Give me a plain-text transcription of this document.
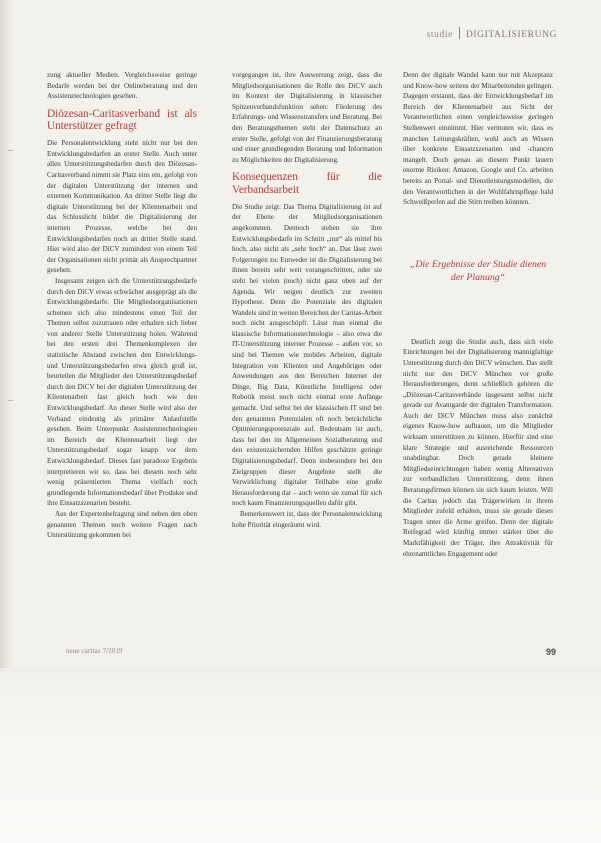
studie DIGITALISIERUNG

zung aktueller Medien. Vergleichsweise geringe Bedarfe werden bei der Onlineberatung und den Assistenztechnologien gesehen.

Diözesan-Caritasverband ist als Unterstützer gefragt

Die Personalentwicklung steht nicht nur bei den Entwicklungsbedarfen an erster Stelle. Auch unter allen Unterstützungsbedarfen durch den Diözesan-Caritasverband nimmt sie Platz eins ein, gefolgt von der digitalen Unterstützung der internen und externen Kommunikation. An dritter Stelle liegt die digitale Unterstützung bei der Klientenarbeit und das Schlusslicht bildet die Digitalisierung der internen Prozesse, welche bei den Entwicklungsbedarfen noch an dritter Stelle stand. Hier wird also der DiCV zumindest von einem Teil der Organisationen nicht primär als Ansprechpartner gesehen.

Insgesamt zeigen sich die Unterstützungsbedarfe durch den DiCV etwas schwächer ausgeprägt als die Entwicklungsbedarfe. Die Mitgliedsorganisationen scheinen sich also mindestens einen Teil der Themen selbst zuzutrauen oder erhalten sich lieber von anderer Stelle Unterstützung holen. Während bei den ersten drei Themenkomplexen der statistische Abstand zwischen den Entwicklungs- und Unterstützungsbedarfen etwa gleich groß ist, beurteilen die Mitglieder den Unterstützungsbedarf durch den DiCV bei der digitalen Unterstützung der Klientenarbeit fast gleich hoch wie den Entwicklungsbedarf. An dieser Stelle wird also der Verband eindeutig als primärer Anlaufstelle gesehen. Beim Unterpunkt Assistenztechnologien im Bereich der Klientenarbeit liegt der Unterstützungsbedarf sogar knapp vor dem Entwicklungsbedarf. Dieses fast paradoxe Ergebnis interpretieren wir so, dass bei diesem noch sehr wenig präsentierten Thema vielfach noch grundlegende Informationsbedarf über Produkte und ihre Einsatzszenarien besteht.

Aus der Expertenbefragung sind neben den oben genannten Themen noch weitere Fragen nach Unterstützung gekommen bei

vorgegangen ist, ihre Auswertung zeigt, dass die Mitgliedsorganisationen die Rolle des DiCV auch im Kontext der Digitalisierung in klassischer Spitzenverbandsfunktion sehen: Förderung des Erfahrungs- und Wissenstransfers und Beratung. Bei den Beratungsthemen steht der Datenschutz an erster Stelle, gefolgt von der Finanzierungsberatung und einer grundlegenden Beratung und Information zu Möglichkeiten der Digitalisierung.

Konsequenzen für die Verbandsarbeit

Die Studie zeigt: Das Thema Digitalisierung ist auf der Ebene der Mitgliedsorganisationen angekommen. Dennoch stehen sie ihre Entwicklungsbedarfe im Schnitt „nur“ als mittel bis hoch, also nicht als „sehr hoch“ an. Das lässt zwei Folgerungen zu: Entweder ist die Digitalisierung bei ihnen bereits sehr weit vorangeschritten, oder sie steht bei vielen (noch) nicht ganz oben auf der Agenda. Wir neigen deutlich zur zweiten Hypothese. Denn die Potenziale des digitalen Wandels sind in weiten Bereichen der Caritas-Arbeit noch nicht ausgeschöpft. Lässt man einmal die klassische Informationstechnologie – also etwa die IT-Unterstützung interner Prozesse – außen vor, so sind bei Themen wie mobiles Arbeiten, digitale Integration von Klienten und Angehörigen oder Anwendungen aus den Bereichen Internet der Dinge, Big Data, Künstliche Intelligenz oder Robotik meist noch nicht einmal erste Anfänge gemacht. Und selbst bei der klassischen IT sind bei den genannten Potenzialen oft noch beträchtliche Optimierungspotenziale auf. Bedeutsam ist auch, dass bei den im Allgemeinen Sozialberatung und den existenzsichernden Hilfen geschätzte geringe Digitalisierungsbedarf. Denn insbesondere bei den Zielgruppen dieser Angebote stellt die Verwirklichung digitaler Teilhabe eine große Herausforderung dar – auch wenn sie zumal für sich noch kaum Finanzierungsquellen dafür gibt.

Bemerkenswert ist, dass der Personalentwicklung hohe Priorität eingeräumt wird.

Denn der digitale Wandel kann nur mit Akzeptanz und Know-how seitens der Mitarbeitenden gelingen. Dagegen erstaunt, dass der Entwicklungsbedarf im Bereich der Klientenarbeit aus Sicht der Verantwortlichen einen vergleichsweise geringen Stellenwert einnimmt. Hier vermuten wir, dass es manchen Leitungskräften, wohl auch an Wissen über konkrete Einsatzszenarien und -chancen mangelt. Doch genau an diesem Punkt lauern enorme Risiken: Amazon, Google und Co. arbeiten bereits an Portal- und Dienstleistungsmodellen, die den Verantwortlichen in der Wohlfahrtspflege bald Schweißperlen auf die Stirn treiben könnten.

„Die Ergebnisse der Studie dienen der Planung“

Deutlich zeigt die Studie auch, dass sich viele Einrichtungen bei der Digitalisierung mannigfaltige Unterstützung durch den DiCV wünschen. Das stellt nicht nur den DiCV München vor große Herausforderungen, denn schließlich gehören die „Diözesan-Caritasverbände insgesamt selbst nicht gerade zur Avantgarde der digitalen Transformation. Auch der DiCV München muss also zunächst eigenes Know-how aufbauen, um die Mitglieder wirksam unterstützen zu können. Hierfür sind eine klare Strategie und ausreichende Ressourcen unabdingbar. Doch gerade kleinere Mitgliedseinrichtungen haben wenig Alternativen zur verbandlichen Unterstützung, denn ihnen Beratungsfirmen können sie sich kaum leisten. Will die Caritas jedoch das Trägerwirken in ihrem Mitglieder zufeld erhalten, muss sie gerade dieses Tragen unter die Arme greifen. Denn der digitale Reifegrad wird künftig immer stärker über die Marktfähigkeit der Träger, ihre Attraktivität für ehrenamtliches Engagement oder

neue caritas 7/2019	99
